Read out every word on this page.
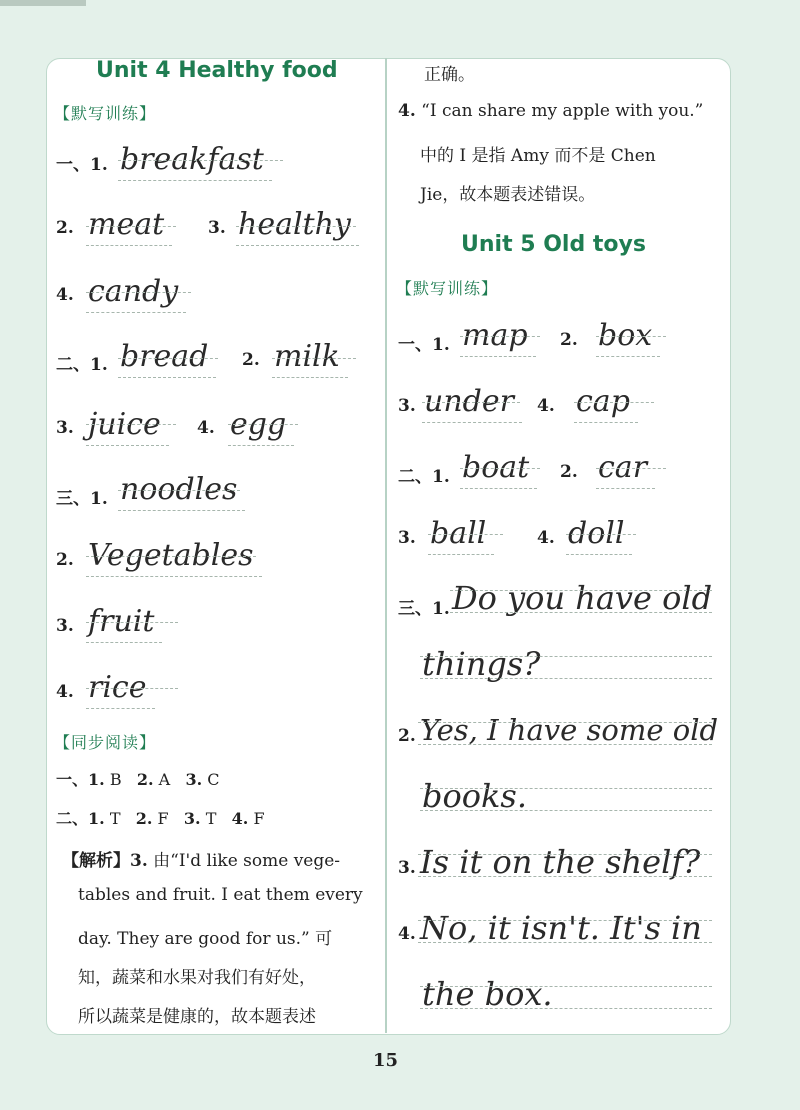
Unit 4 Healthy food
【默写训练】
一、1. breakfast
2. meat	3. healthy
4. candy
二、1. bread	2. milk
3. juice	4. egg
三、1. noodles
2. Vegetables
3. fruit
4. rice
【同步阅读】
一、1. B 2. A 3. C
二、1. T 2. F 3. T 4. F
【解析】3. 由“I'd like some vege-
tables and fruit. I eat them every
day. They are good for us.” 可
知，蔬菜和水果对我们有好处，
所以蔬菜是健康的，故本题表述
正确。
4. “I can share my apple with you.”
中的 I 是指 Amy 而不是 Chen
Jie，故本题表述错误。
Unit 5 Old toys
【默写训练】
一、1. map	2. box
3. under	4. cap
二、1. boat	2. car
3. ball	4. doll
三、1. Do you have old
things?
2. Yes, I have some old
books.
3. Is it on the shelf?
4. No, it isn't. It's in
the box.
15
